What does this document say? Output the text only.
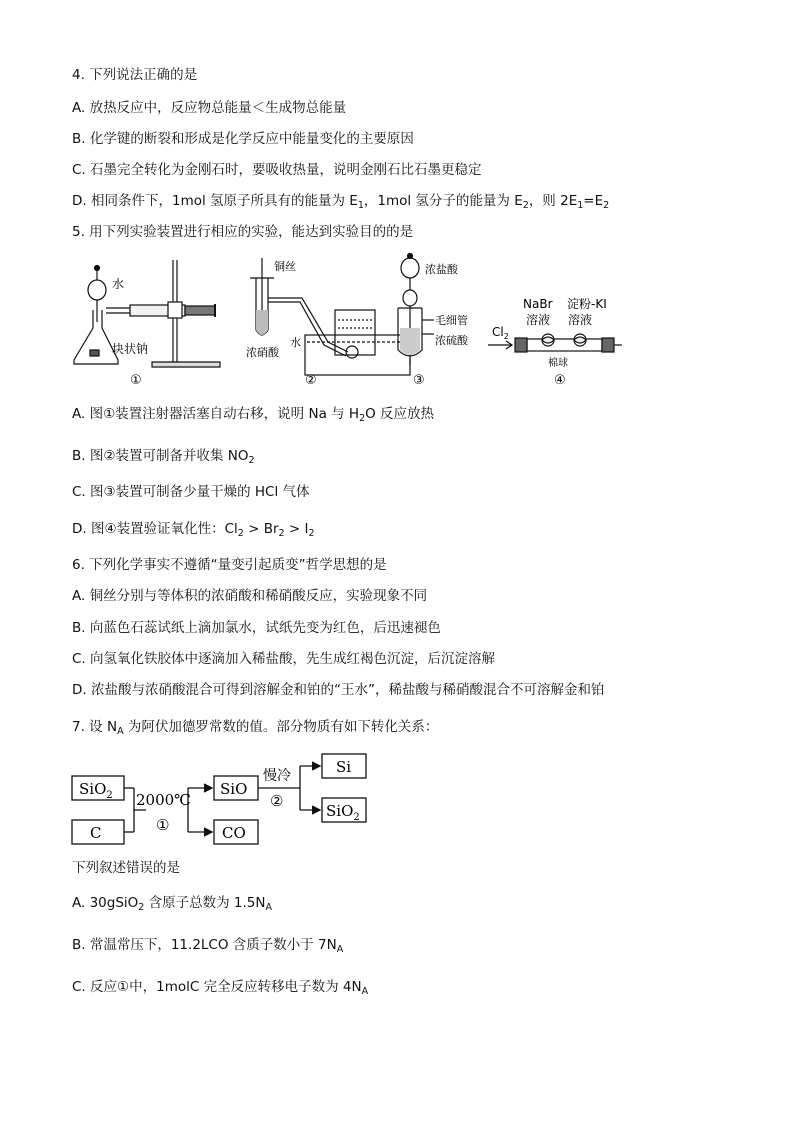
4. 下列说法正确的是
A. 放热反应中，反应物总能量＜生成物总能量
B. 化学键的断裂和形成是化学反应中能量变化的主要原因
C. 石墨完全转化为金刚石时，要吸收热量，说明金刚石比石墨更稳定
D. 相同条件下，1mol 氢原子所具有的能量为 $E_1$，1mol 氢分子的能量为 $E_2$，则 $2E_1=E_2$
5. 用下列实验装置进行相应的实验，能达到实验目的的是
水
块状钠
①
铜丝
浓硝酸
水
②
浓盐酸
毛细管
浓硫酸
③
NaBr
溶液
淀粉-KI
溶液
$Cl_2$
棉球
④
A. 图①装置注射器活塞自动右移，说明 Na 与 $H_2O$ 反应放热
B. 图②装置可制备并收集 $NO_2$
C. 图③装置可制备少量干燥的 HCl 气体
D. 图④装置验证氧化性：$Cl_2 > Br_2 > I_2$
6. 下列化学事实不遵循“量变引起质变”哲学思想的是
A. 铜丝分别与等体积的浓硝酸和稀硝酸反应，实验现象不同
B. 向蓝色石蕊试纸上滴加氯水，试纸先变为红色，后迅速褪色
C. 向氢氧化铁胶体中逐滴加入稀盐酸，先生成红褐色沉淀，后沉淀溶解
D. 浓盐酸与浓硝酸混合可得到溶解金和铂的“王水”，稀盐酸与稀硝酸混合不可溶解金和铂
7. 设 $N_A$ 为阿伏加德罗常数的值。部分物质有如下转化关系：
SiO$_2$
C
2000℃
①
SiO
CO
慢冷
②
Si
SiO$_2$
下列叙述错误的是
A. 30gSiO$_2$ 含原子总数为 $1.5N_A$
B. 常温常压下，11.2LCO 含质子数小于 $7N_A$
C. 反应①中，1molC 完全反应转移电子数为 $4N_A$
